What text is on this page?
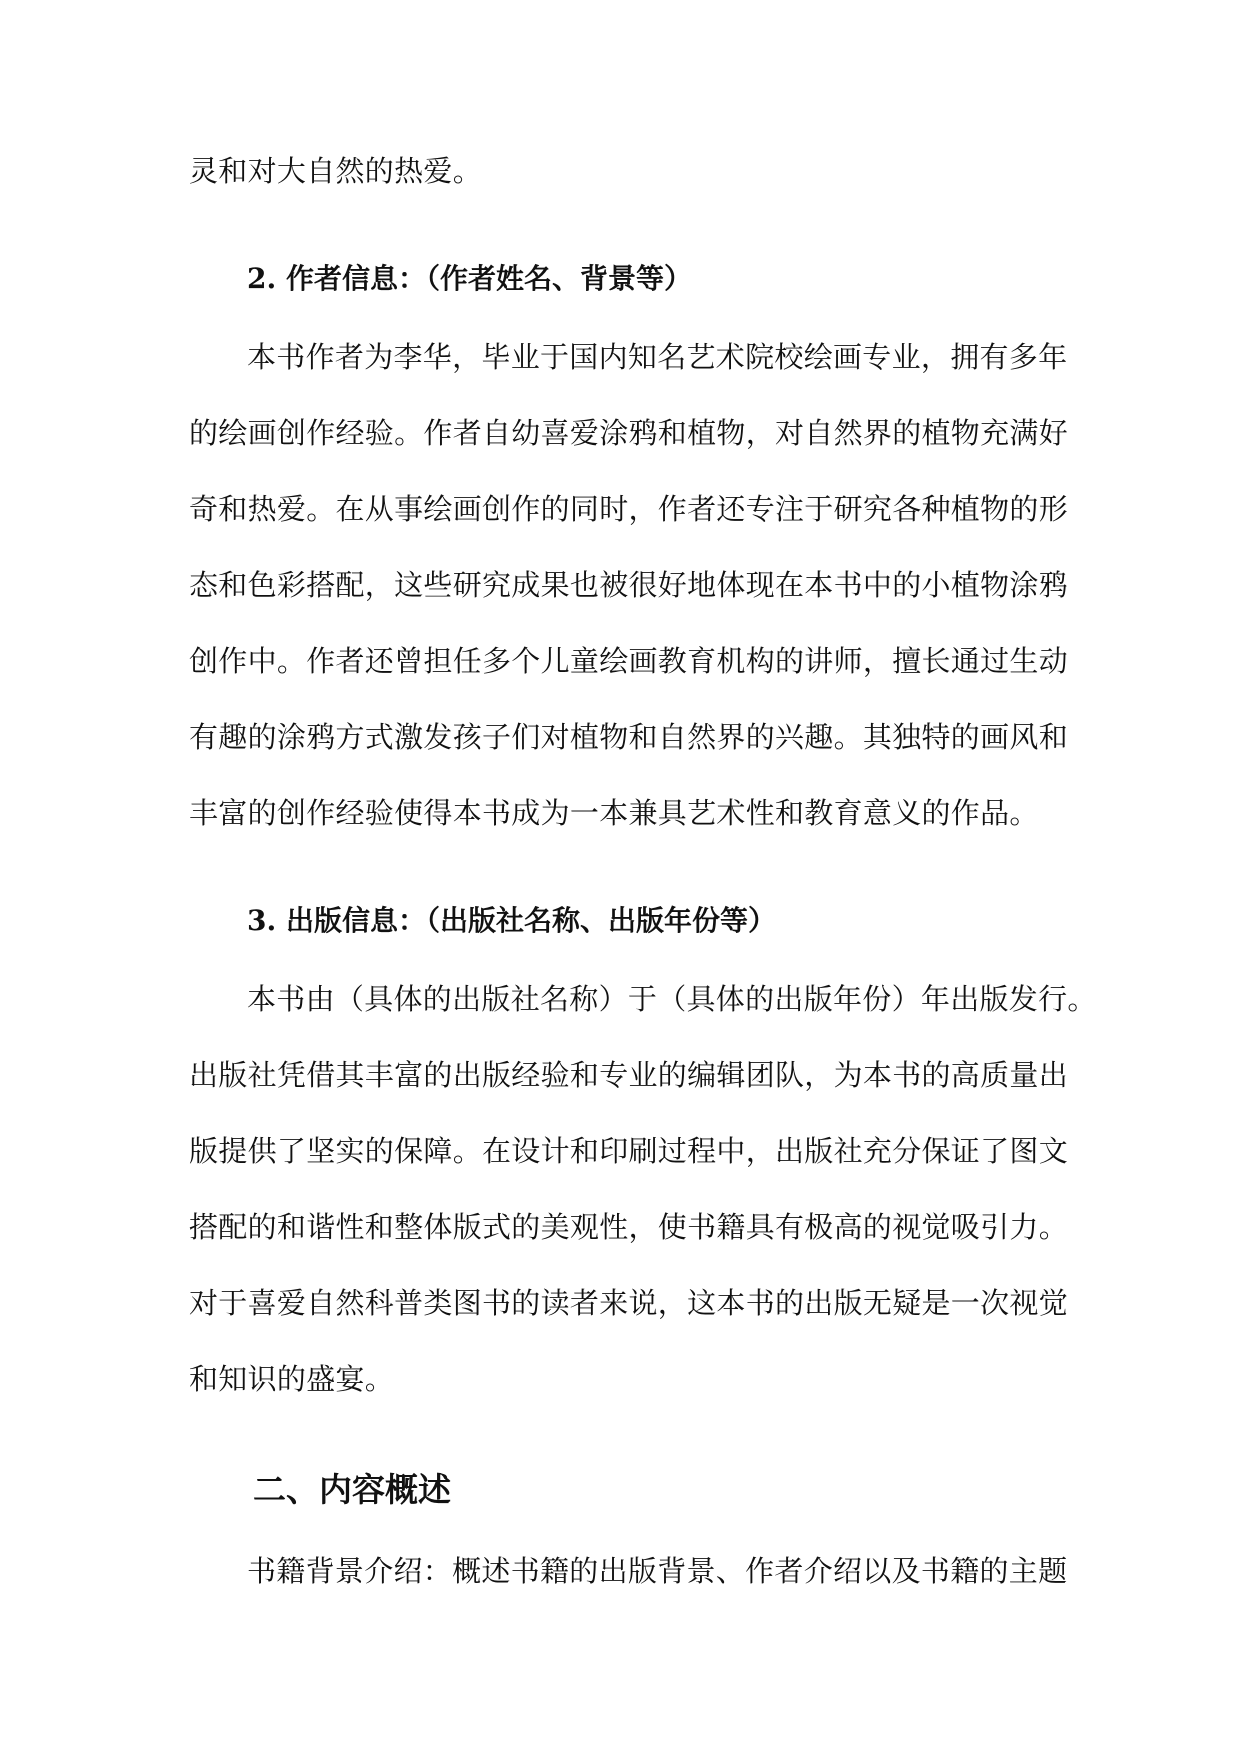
灵和对大自然的热爱。
2. 作者信息：（作者姓名、背景等）
本书作者为李华，毕业于国内知名艺术院校绘画专业，拥有多年
的绘画创作经验。作者自幼喜爱涂鸦和植物，对自然界的植物充满好
奇和热爱。在从事绘画创作的同时，作者还专注于研究各种植物的形
态和色彩搭配，这些研究成果也被很好地体现在本书中的小植物涂鸦
创作中。作者还曾担任多个儿童绘画教育机构的讲师，擅长通过生动
有趣的涂鸦方式激发孩子们对植物和自然界的兴趣。其独特的画风和
丰富的创作经验使得本书成为一本兼具艺术性和教育意义的作品。
3. 出版信息：（出版社名称、出版年份等）
本书由（具体的出版社名称）于（具体的出版年份）年出版发行。
出版社凭借其丰富的出版经验和专业的编辑团队，为本书的高质量出
版提供了坚实的保障。在设计和印刷过程中，出版社充分保证了图文
搭配的和谐性和整体版式的美观性，使书籍具有极高的视觉吸引力。
对于喜爱自然科普类图书的读者来说，这本书的出版无疑是一次视觉
和知识的盛宴。
二、内容概述
书籍背景介绍：概述书籍的出版背景、作者介绍以及书籍的主题
